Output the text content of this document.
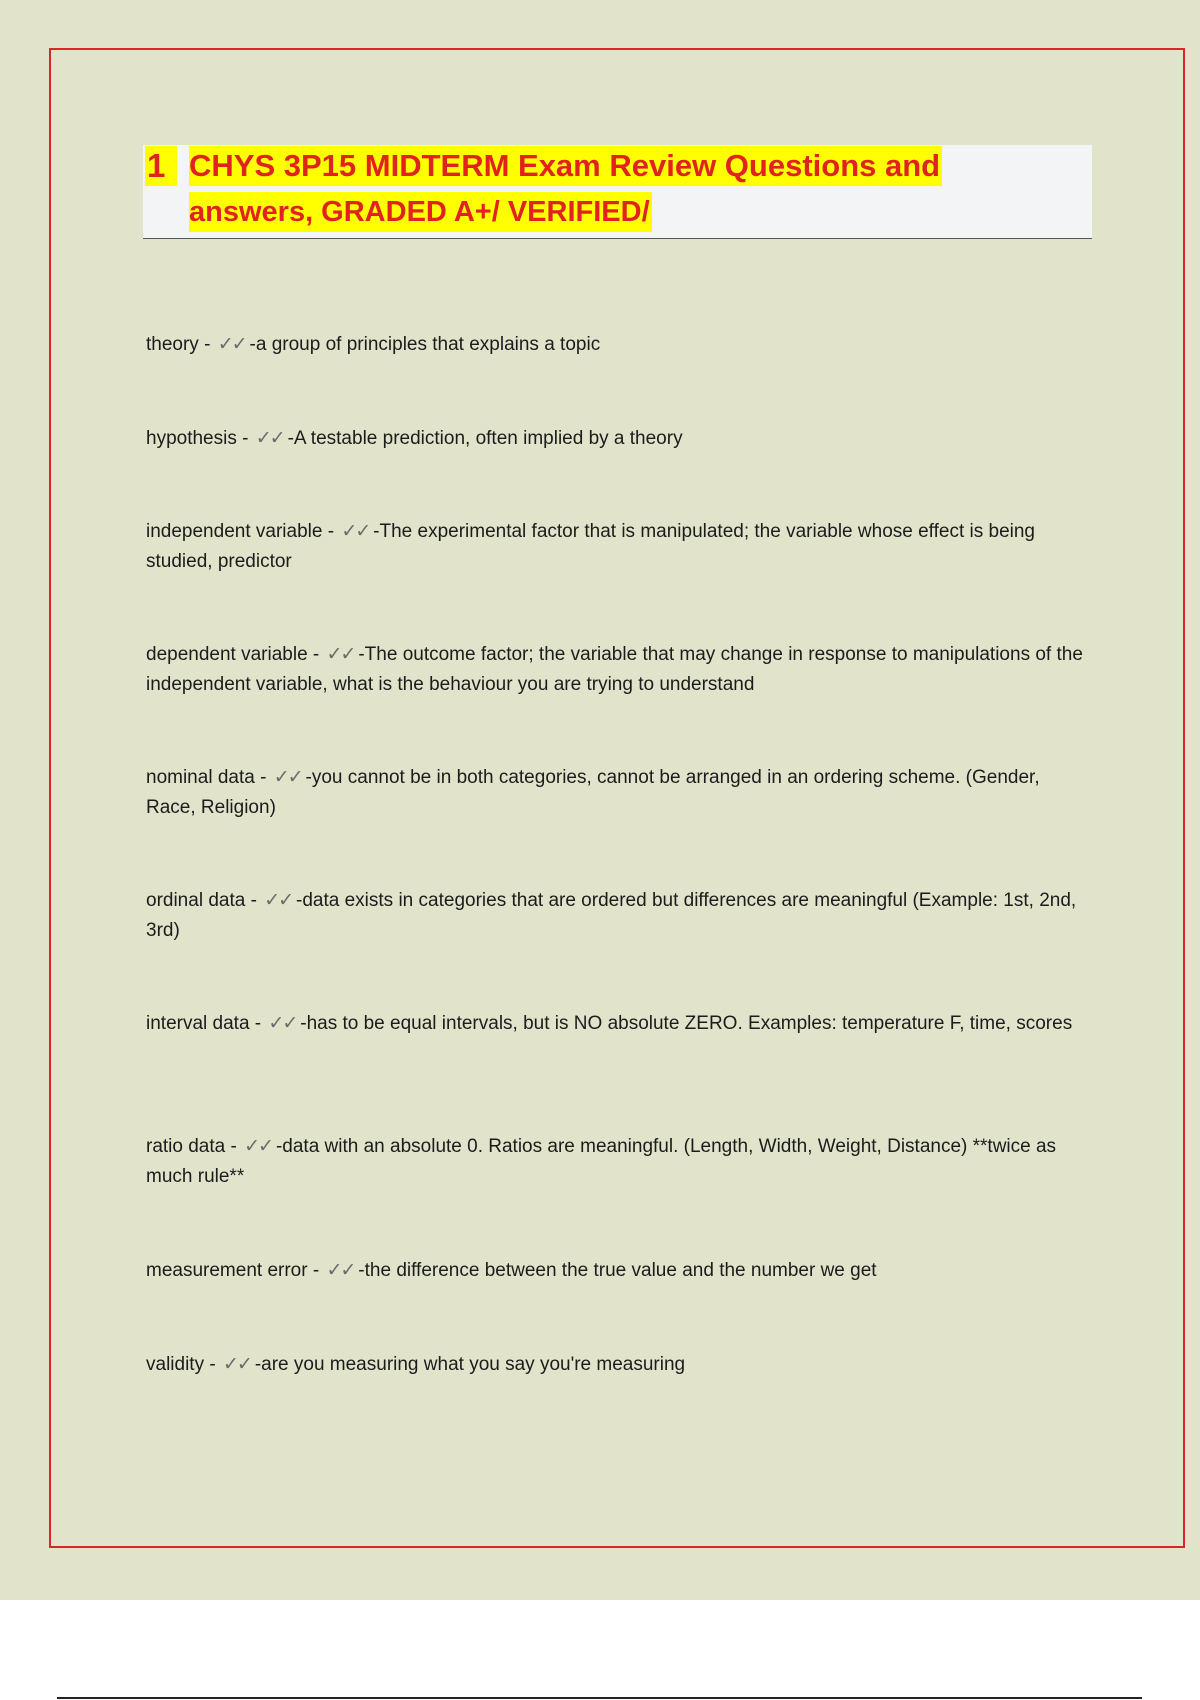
1 CHYS 3P15 MIDTERM Exam Review Questions and
answers, GRADED A+/ VERIFIED/
theory - ✓✓ -a group of principles that explains a topic
hypothesis - ✓✓ -A testable prediction, often implied by a theory
independent variable - ✓✓ -The experimental factor that is manipulated; the variable whose effect is being studied, predictor
dependent variable - ✓✓ -The outcome factor; the variable that may change in response to manipulations of the independent variable, what is the behaviour you are trying to understand
nominal data - ✓✓ -you cannot be in both categories, cannot be arranged in an ordering scheme. (Gender, Race, Religion)
ordinal data - ✓✓ -data exists in categories that are ordered but differences are meaningful (Example: 1st, 2nd, 3rd)
interval data - ✓✓ -has to be equal intervals, but is NO absolute ZERO. Examples: temperature F, time, scores
ratio data - ✓✓ -data with an absolute 0. Ratios are meaningful. (Length, Width, Weight, Distance) **twice as much rule**
measurement error - ✓✓ -the difference between the true value and the number we get
validity - ✓✓ -are you measuring what you say you're measuring
